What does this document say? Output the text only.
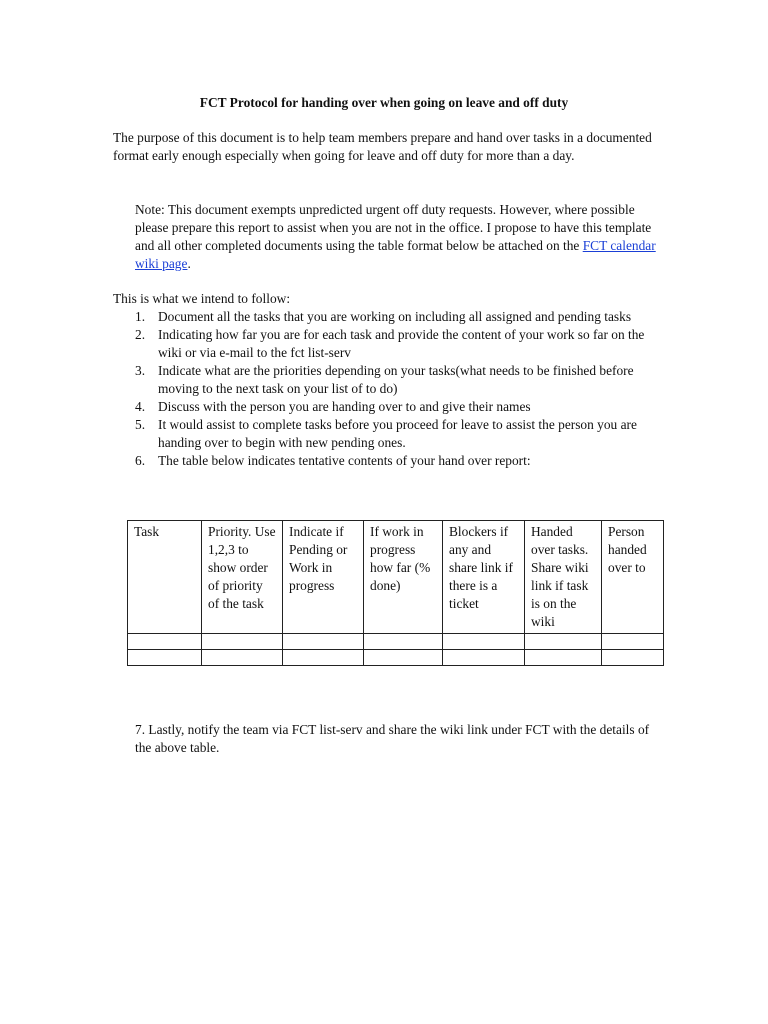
FCT Protocol for handing over when going on leave and off duty
The purpose of this document is to help team members prepare and hand over tasks in a documented format early enough especially when going for leave and off duty for more than a day.
Note: This document exempts unpredicted urgent off duty requests. However, where possible please prepare this report to assist when you are not in the office. I propose to have this template and all other completed documents using the table format below be attached on the FCT calendar wiki page.
This is what we intend to follow:
1. Document all the tasks that you are working on including all assigned and pending tasks
2. Indicating how far you are for each task and provide the content of your work so far on the wiki or via e-mail to the fct list-serv
3. Indicate what are the priorities depending on your tasks(what needs to be finished before moving to the next task on your list of to do)
4. Discuss with the person you are handing over to and give their names
5. It would assist to complete tasks before you proceed for leave to assist the person you are handing over to begin with new pending ones.
6. The table below indicates tentative contents of your hand over report:
Task	Priority. Use 1,2,3 to show order of priority of the task	Indicate if Pending or Work in progress	If work in progress how far (% done)	Blockers if any and share link if there is a ticket	Handed over tasks. Share wiki link if task is on the wiki	Person handed over to

7. Lastly, notify the team via FCT list-serv and share the wiki link under FCT with the details of the above table.
